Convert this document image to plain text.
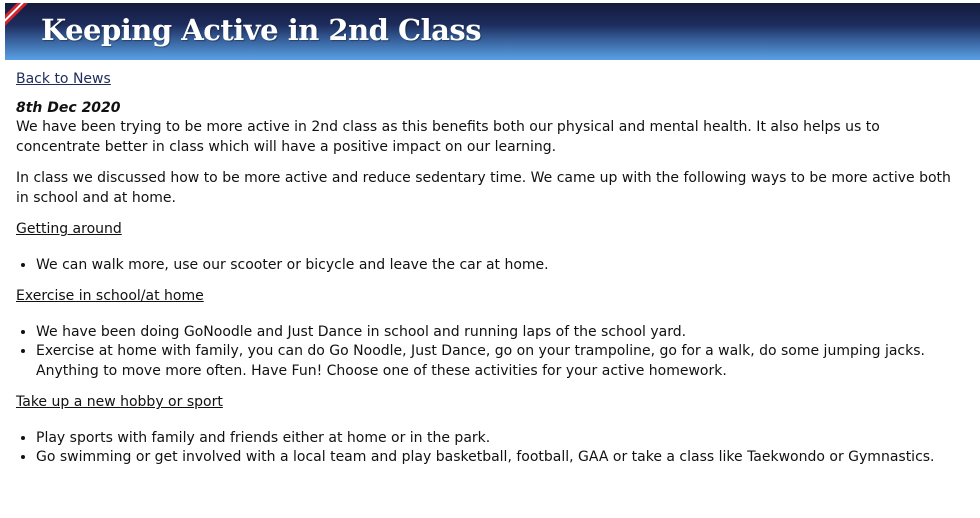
Keeping Active in 2nd Class
Back to News
8th Dec 2020

We have been trying to be more active in 2nd class as this benefits both our physical and mental health. It also helps us to concentrate better in class which will have a positive impact on our learning.

In class we discussed how to be more active and reduce sedentary time. We came up with the following ways to be more active both in school and at home.

Getting around
• We can walk more, use our scooter or bicycle and leave the car at home.
Exercise in school/at home
• We have been doing GoNoodle and Just Dance in school and running laps of the school yard.
• Exercise at home with family, you can do Go Noodle, Just Dance, go on your trampoline, go for a walk, do some jumping jacks. Anything to move more often. Have Fun! Choose one of these activities for your active homework.
Take up a new hobby or sport
• Play sports with family and friends either at home or in the park.
• Go swimming or get involved with a local team and play basketball, football, GAA or take a class like Taekwondo or Gymnastics.
